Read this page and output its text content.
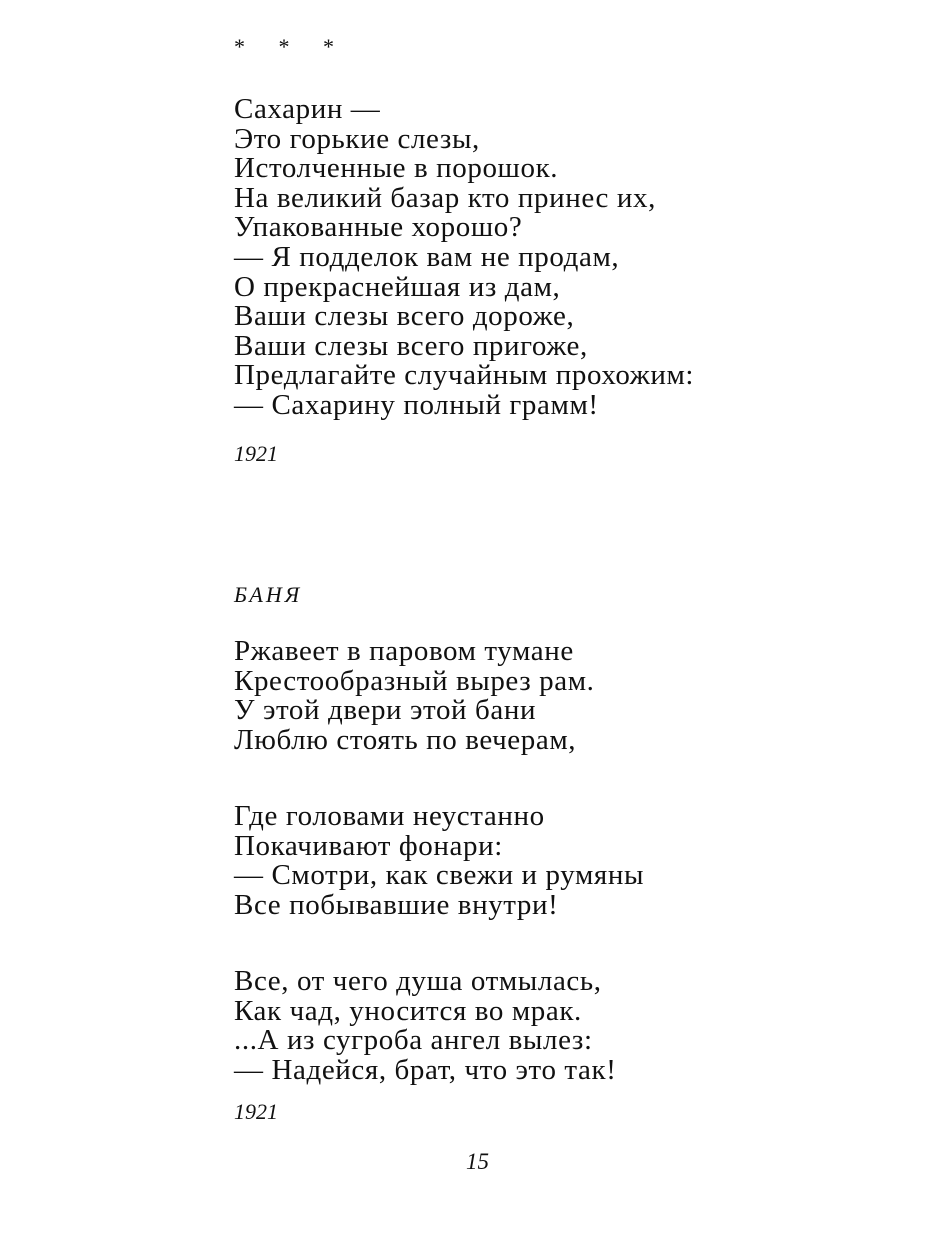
* * *
Сахарин —
Это горькие слезы,
Истолченные в порошок.
На великий базар кто принес их,
Упакованные хорошо?
— Я подделок вам не продам,
О прекраснейшая из дам,
Ваши слезы всего дороже,
Ваши слезы всего пригоже,
Предлагайте случайным прохожим:
— Сахарину полный грамм!
1921
БАНЯ
Ржавеет в паровом тумане
Крестообразный вырез рам.
У этой двери этой бани
Люблю стоять по вечерам,
Где головами неустанно
Покачивают фонари:
— Смотри, как свежи и румяны
Все побывавшие внутри!
Все, от чего душа отмылась,
Как чад, уносится во мрак.
...А из сугроба ангел вылез:
— Надейся, брат, что это так!
1921
15
